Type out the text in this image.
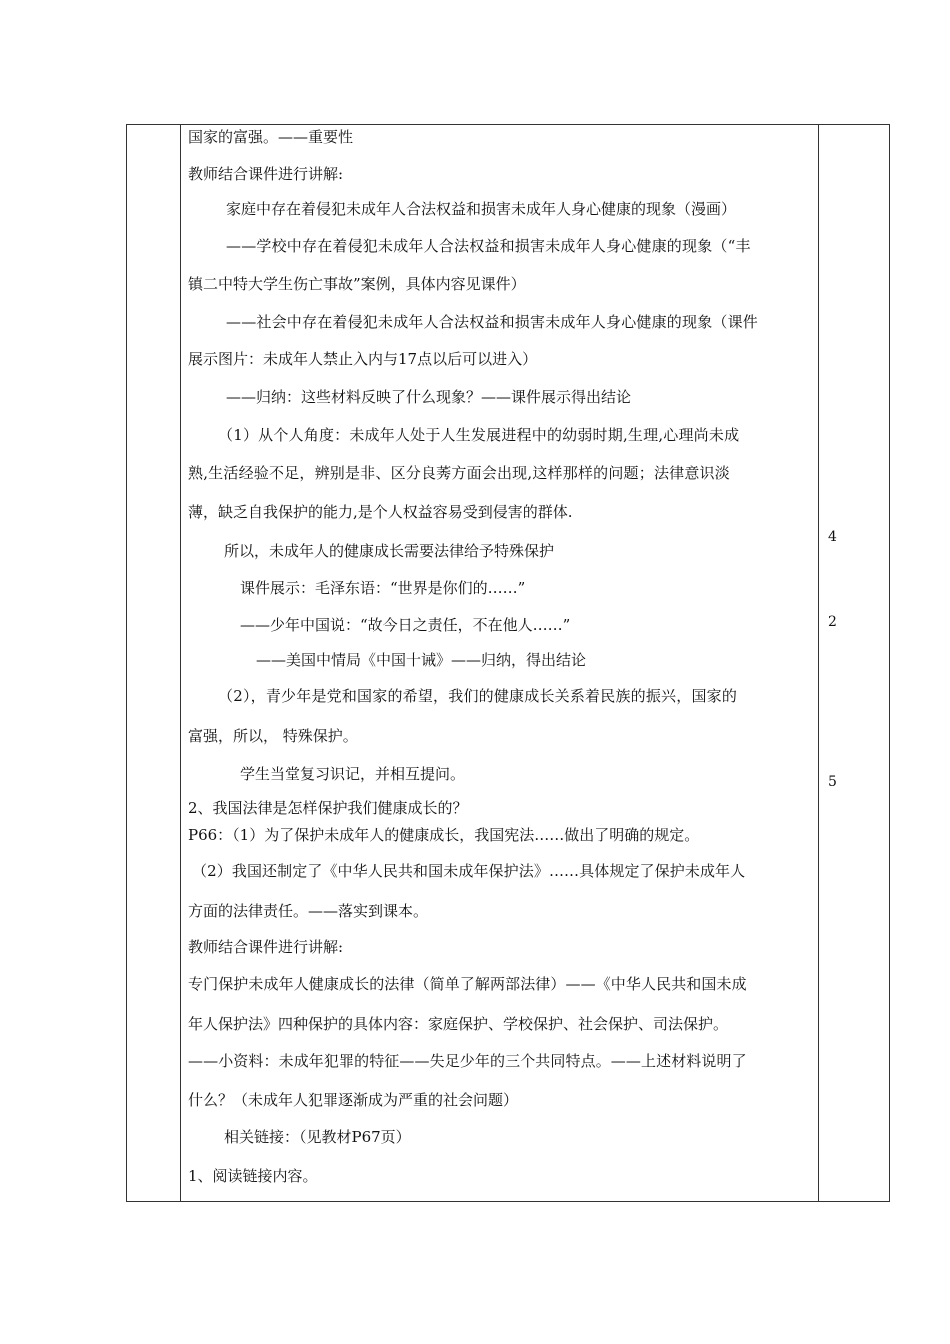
国家的富强。——重要性
教师结合课件进行讲解:
家庭中存在着侵犯未成年人合法权益和损害未成年人身心健康的现象（漫画）
——学校中存在着侵犯未成年人合法权益和损害未成年人身心健康的现象（“丰
镇二中特大学生伤亡事故”案例，具体内容见课件）
——社会中存在着侵犯未成年人合法权益和损害未成年人身心健康的现象（课件
展示图片：未成年人禁止入内与17点以后可以进入）
——归纳：这些材料反映了什么现象？——课件展示得出结论
（1）从个人角度：未成年人处于人生发展进程中的幼弱时期,生理,心理尚未成
熟,生活经验不足，辨别是非、区分良莠方面会出现,这样那样的问题；法律意识淡
薄，缺乏自我保护的能力,是个人权益容易受到侵害的群体.
所以，未成年人的健康成长需要法律给予特殊保护
课件展示：毛泽东语：“世界是你们的……”
——少年中国说：“故今日之责任，不在他人……”
——美国中情局《中国十诫》——归纳，得出结论
（2），青少年是党和国家的希望，我们的健康成长关系着民族的振兴，国家的
富强，所以， 特殊保护。
学生当堂复习识记，并相互提问。
2、我国法律是怎样保护我们健康成长的？
P66：（1）为了保护未成年人的健康成长，我国宪法……做出了明确的规定。
（2）我国还制定了《中华人民共和国未成年保护法》……具体规定了保护未成年人
方面的法律责任。——落实到课本。
教师结合课件进行讲解:
专门保护未成年人健康成长的法律（简单了解两部法律）——《中华人民共和国未成
年人保护法》四种保护的具体内容：家庭保护、学校保护、社会保护、司法保护。
——小资料：未成年犯罪的特征——失足少年的三个共同特点。——上述材料说明了
什么？（未成年人犯罪逐渐成为严重的社会问题）
相关链接：（见教材P67页）
1、阅读链接内容。
4
2
5
